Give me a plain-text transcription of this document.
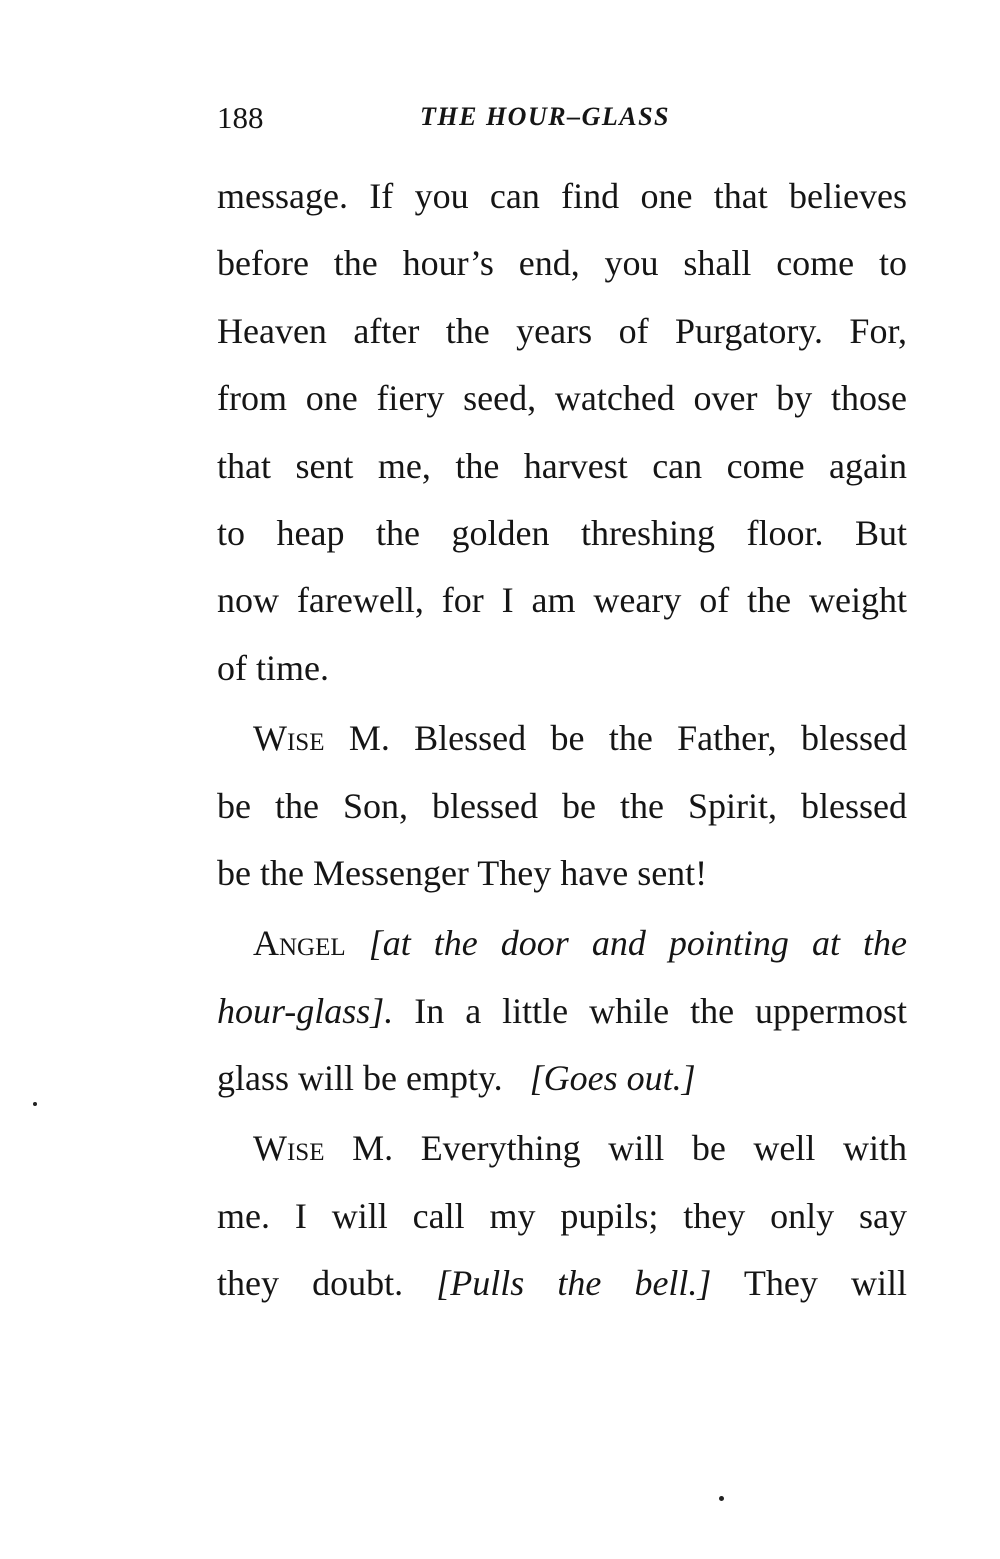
188	THE HOUR–GLASS
message. If you can find one that believes
before the hour’s end, you shall come to
Heaven after the years of Purgatory. For,
from one fiery seed, watched over by those
that sent me, the harvest can come again
to heap the golden threshing floor. But
now farewell, for I am weary of the weight
of time.
Wise M. Blessed be the Father, blessed
be the Son, blessed be the Spirit, blessed
be the Messenger They have sent!
Angel [at the door and pointing at the
hour-glass]. In a little while the uppermost
glass will be empty. [Goes out.]
Wise M. Everything will be well with
me. I will call my pupils; they only say
they doubt. [Pulls the bell.] They will
